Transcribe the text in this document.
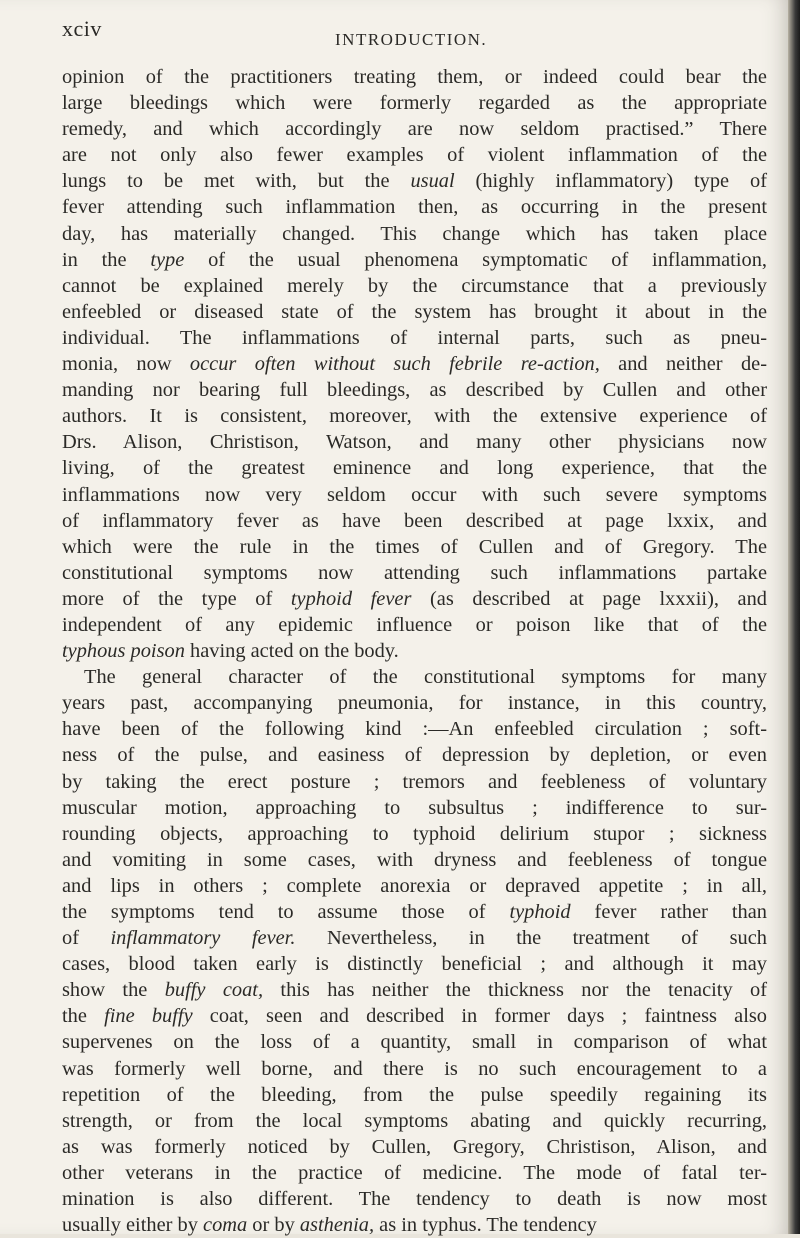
xciv	INTRODUCTION.
opinion of the practitioners treating them, or indeed could bear the
large bleedings which were formerly regarded as the appropriate
remedy, and which accordingly are now seldom practised.” There
are not only also fewer examples of violent inflammation of the
lungs to be met with, but the usual (highly inflammatory) type of
fever attending such inflammation then, as occurring in the present
day, has materially changed. This change which has taken place
in the type of the usual phenomena symptomatic of inflammation,
cannot be explained merely by the circumstance that a previously
enfeebled or diseased state of the system has brought it about in the
individual. The inflammations of internal parts, such as pneu-
monia, now occur often without such febrile re-action, and neither de-
manding nor bearing full bleedings, as described by Cullen and other
authors. It is consistent, moreover, with the extensive experience of
Drs. Alison, Christison, Watson, and many other physicians now
living, of the greatest eminence and long experience, that the
inflammations now very seldom occur with such severe symptoms
of inflammatory fever as have been described at page lxxix, and
which were the rule in the times of Cullen and of Gregory. The
constitutional symptoms now attending such inflammations partake
more of the type of typhoid fever (as described at page lxxxii), and
independent of any epidemic influence or poison like that of the
typhous poison having acted on the body.
The general character of the constitutional symptoms for many
years past, accompanying pneumonia, for instance, in this country,
have been of the following kind :—An enfeebled circulation ; soft-
ness of the pulse, and easiness of depression by depletion, or even
by taking the erect posture ; tremors and feebleness of voluntary
muscular motion, approaching to subsultus ; indifference to sur-
rounding objects, approaching to typhoid delirium stupor ; sickness
and vomiting in some cases, with dryness and feebleness of tongue
and lips in others ; complete anorexia or depraved appetite ; in all,
the symptoms tend to assume those of typhoid fever rather than
of inflammatory fever. Nevertheless, in the treatment of such
cases, blood taken early is distinctly beneficial ; and although it may
show the buffy coat, this has neither the thickness nor the tenacity of
the fine buffy coat, seen and described in former days ; faintness also
supervenes on the loss of a quantity, small in comparison of what
was formerly well borne, and there is no such encouragement to a
repetition of the bleeding, from the pulse speedily regaining its
strength, or from the local symptoms abating and quickly recurring,
as was formerly noticed by Cullen, Gregory, Christison, Alison, and
other veterans in the practice of medicine. The mode of fatal ter-
mination is also different. The tendency to death is now most
usually either by coma or by asthenia, as in typhus. The tendency
